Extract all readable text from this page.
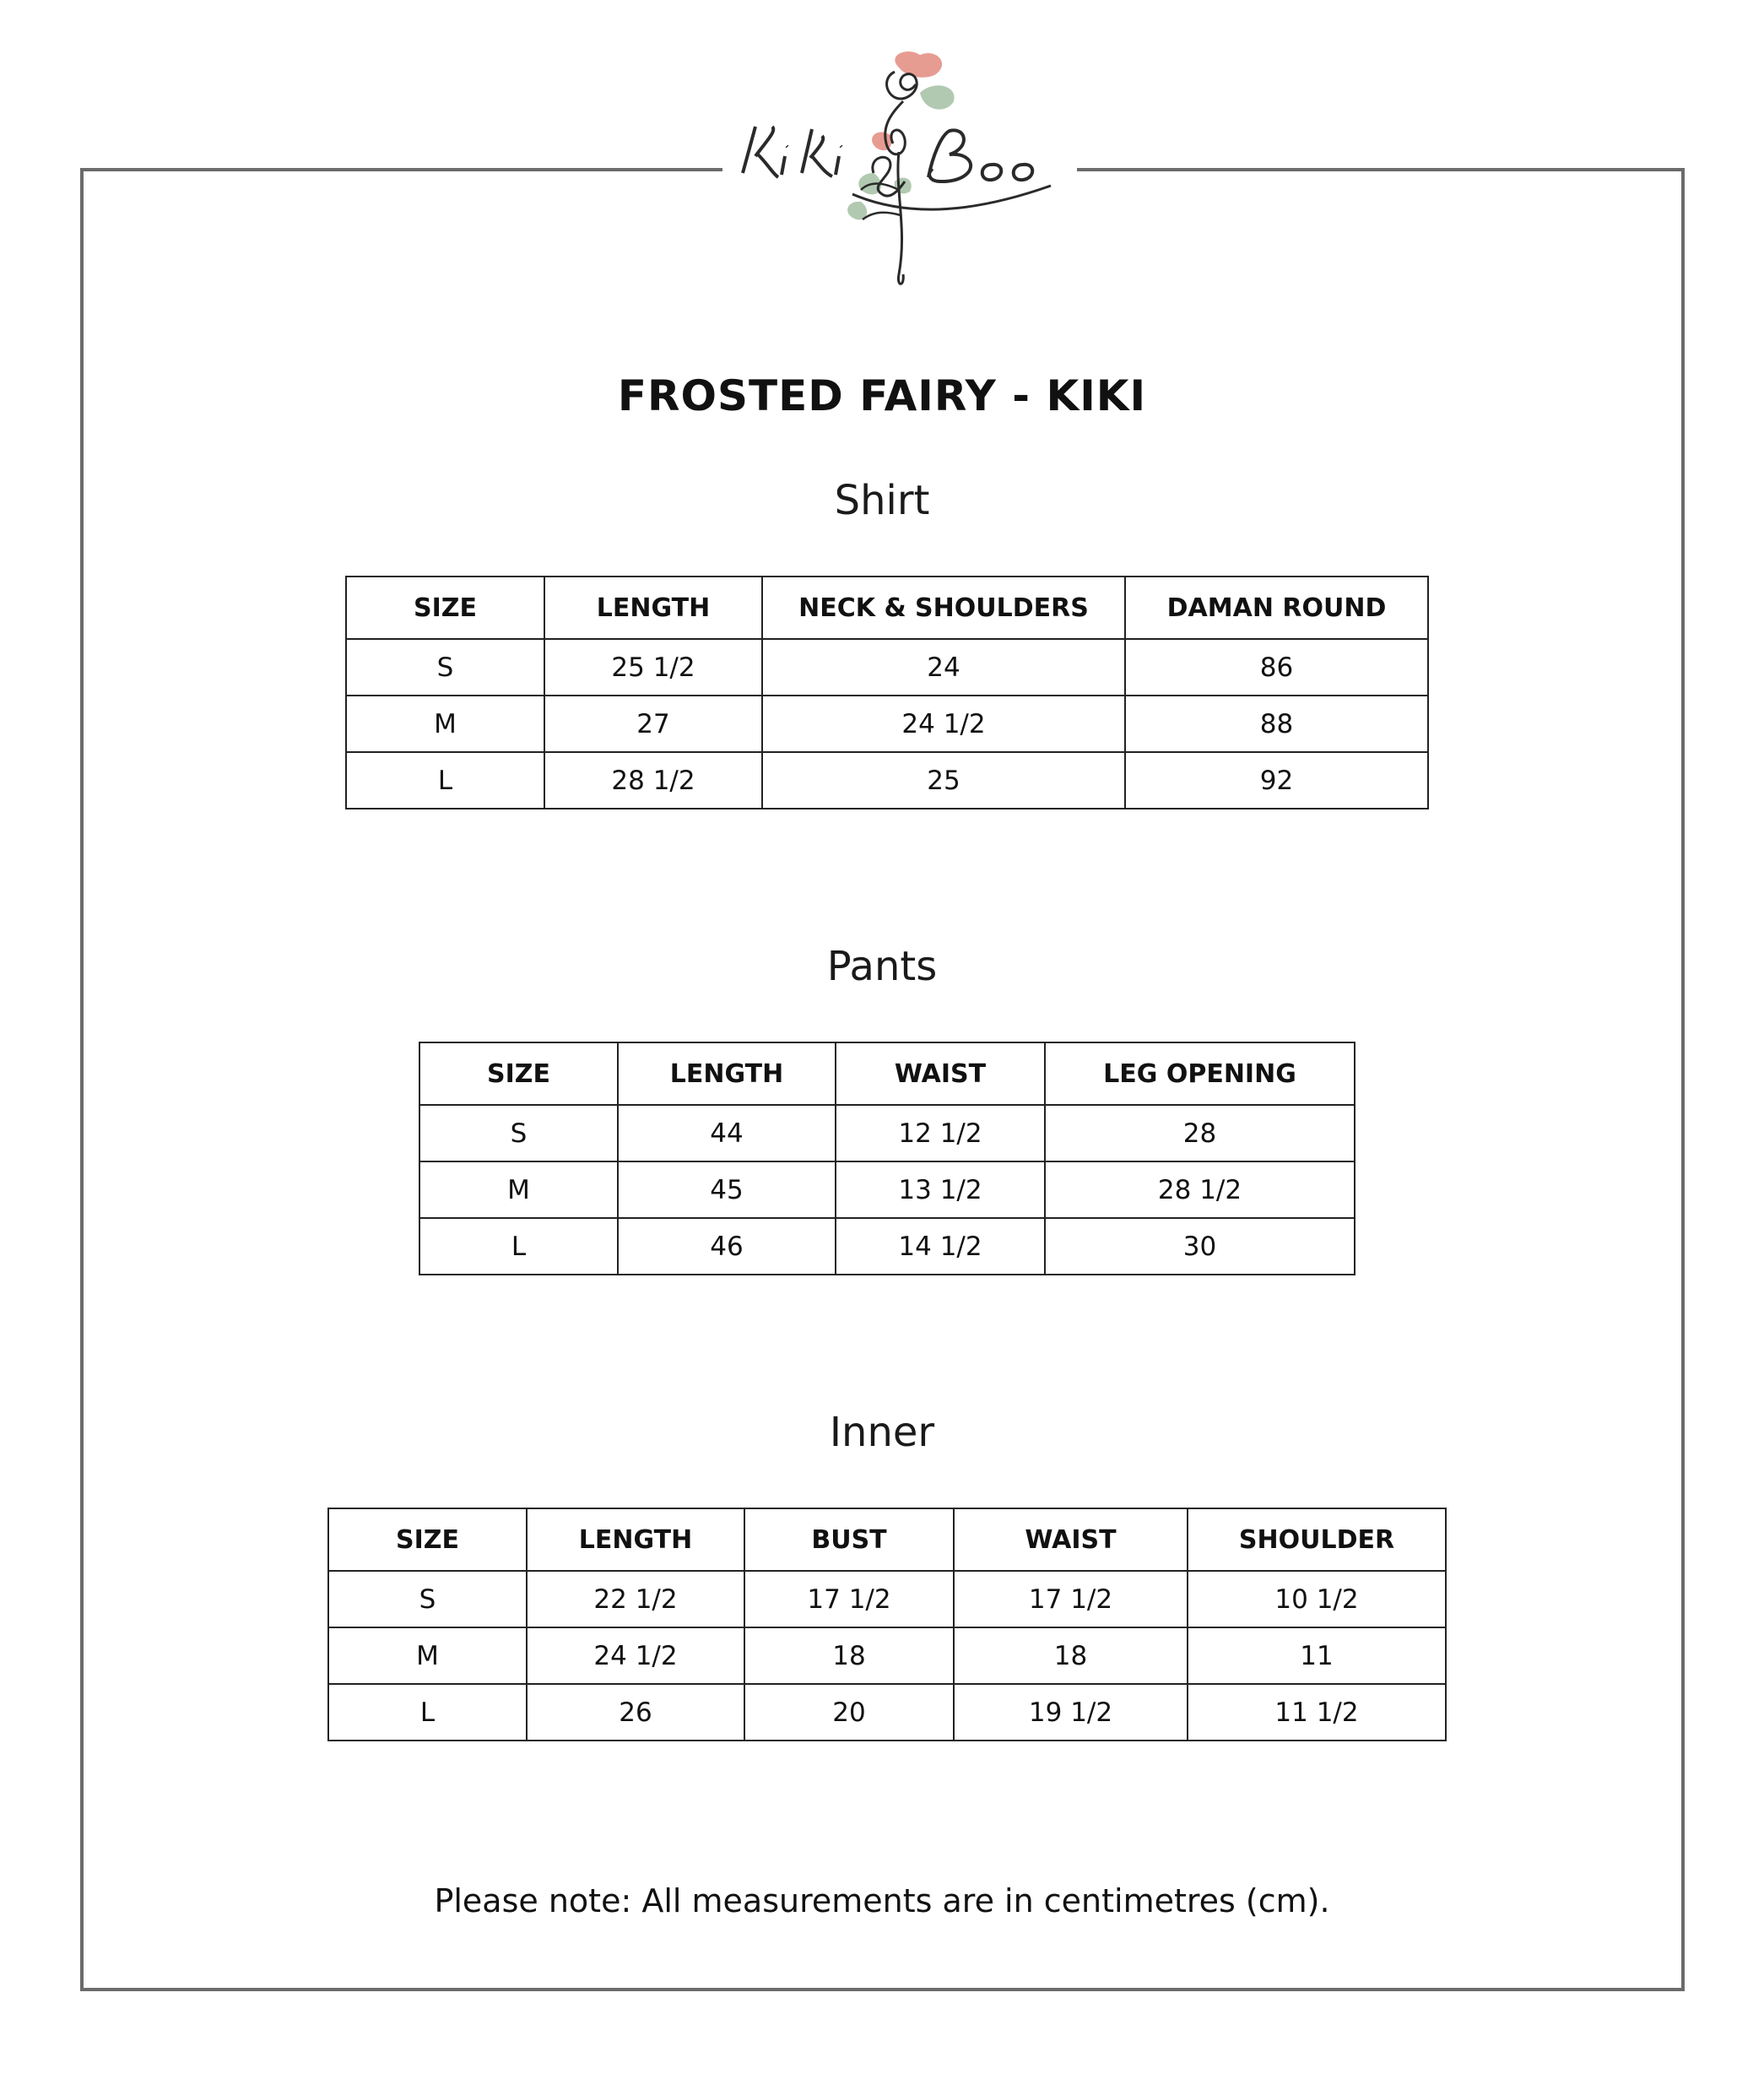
FROSTED FAIRY - KIKI
Shirt
SIZE	LENGTH	NECK & SHOULDERS	DAMAN ROUND
S	25 1/2	24	86
M	27	24 1/2	88
L	28 1/2	25	92
Pants
SIZE	LENGTH	WAIST	LEG OPENING
S	44	12 1/2	28
M	45	13 1/2	28 1/2
L	46	14 1/2	30
Inner
SIZE	LENGTH	BUST	WAIST	SHOULDER
S	22 1/2	17 1/2	17 1/2	10 1/2
M	24 1/2	18	18	11
L	26	20	19 1/2	11 1/2
Please note: All measurements are in centimetres (cm).
